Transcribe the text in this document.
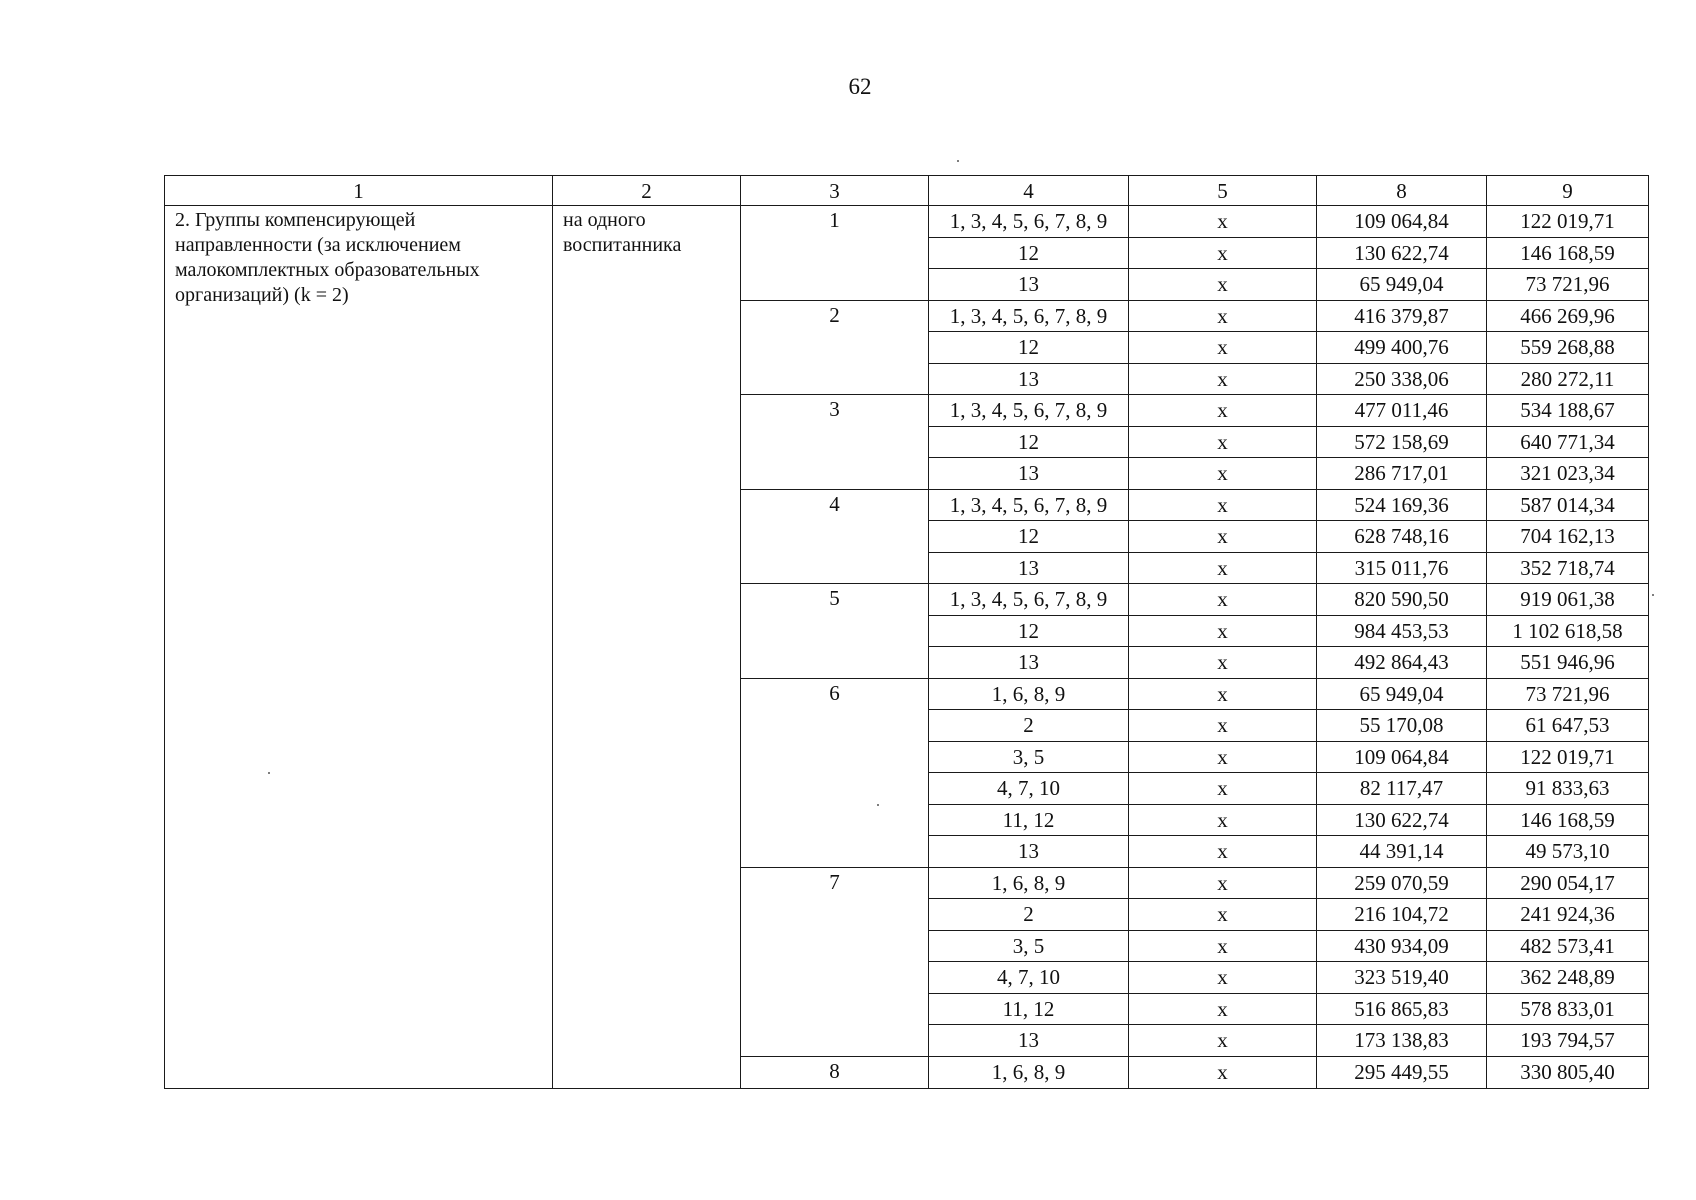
62
1	2	3	4	5	8	9
2. Группы компенсирующей направленности (за исключением малокомплектных образовательных организаций) (k = 2)	на одного воспитанника	1	1, 3, 4, 5, 6, 7, 8, 9	x	109 064,84	122 019,71
			12	x	130 622,74	146 168,59
			13	x	65 949,04	73 721,96
		2	1, 3, 4, 5, 6, 7, 8, 9	x	416 379,87	466 269,96
			12	x	499 400,76	559 268,88
			13	x	250 338,06	280 272,11
		3	1, 3, 4, 5, 6, 7, 8, 9	x	477 011,46	534 188,67
			12	x	572 158,69	640 771,34
			13	x	286 717,01	321 023,34
		4	1, 3, 4, 5, 6, 7, 8, 9	x	524 169,36	587 014,34
			12	x	628 748,16	704 162,13
			13	x	315 011,76	352 718,74
		5	1, 3, 4, 5, 6, 7, 8, 9	x	820 590,50	919 061,38
			12	x	984 453,53	1 102 618,58
			13	x	492 864,43	551 946,96
		6	1, 6, 8, 9	x	65 949,04	73 721,96
			2	x	55 170,08	61 647,53
			3, 5	x	109 064,84	122 019,71
			4, 7, 10	x	82 117,47	91 833,63
			11, 12	x	130 622,74	146 168,59
			13	x	44 391,14	49 573,10
		7	1, 6, 8, 9	x	259 070,59	290 054,17
			2	x	216 104,72	241 924,36
			3, 5	x	430 934,09	482 573,41
			4, 7, 10	x	323 519,40	362 248,89
			11, 12	x	516 865,83	578 833,01
			13	x	173 138,83	193 794,57
		8	1, 6, 8, 9	x	295 449,55	330 805,40
